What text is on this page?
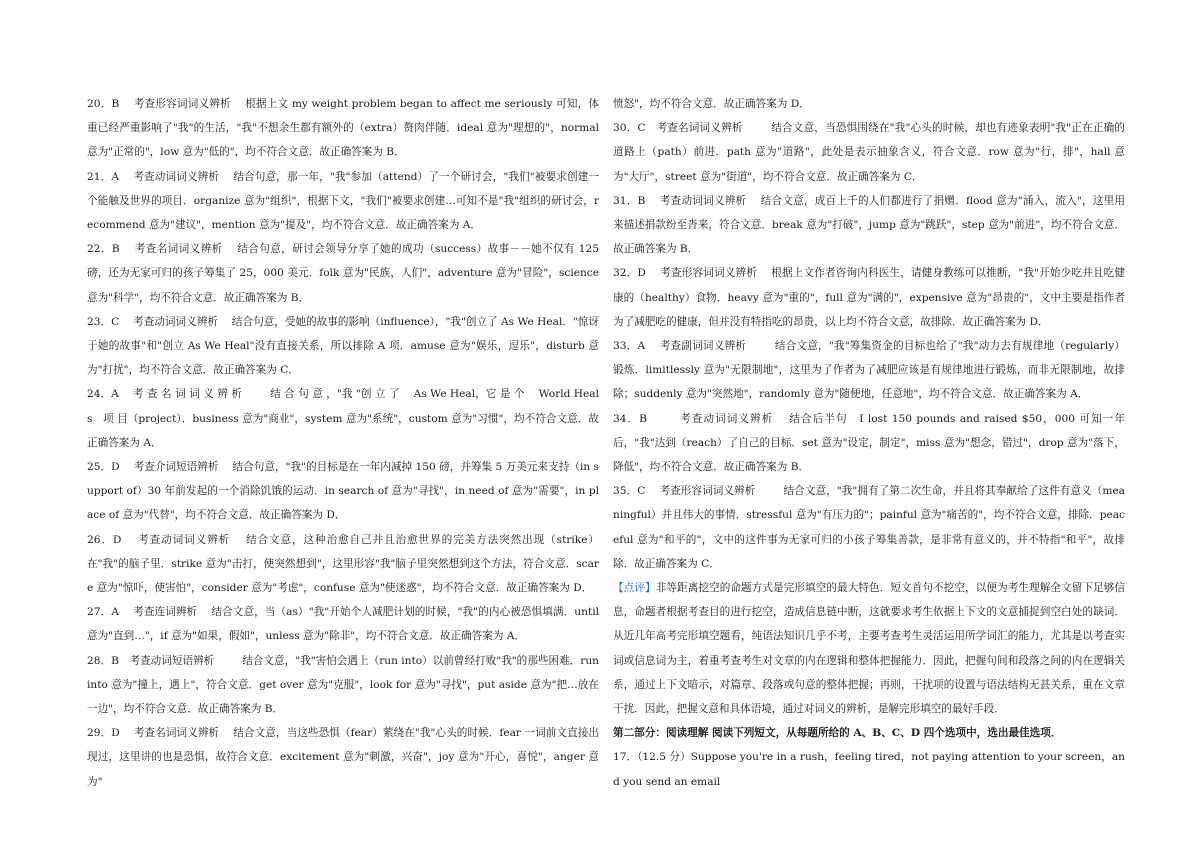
20．B　 考查形容词词义辨析　 根据上文 my weight problem began to affect me seriously 可知，体重已经严重影响了"我"的生活，"我"不想余生都有额外的（extra）赘肉伴随．ideal 意为"理想的"，normal 意为"正常的"，low 意为"低的"，均不符合文意．故正确答案为 B．

21．A　 考查动词词义辨析　 结合句意，那一年，"我"参加（attend）了一个研讨会，"我们"被要求创建一个能触及世界的项目．organize 意为"组织"，根据下文，"我们"被要求创建…可知不是"我"组织的研讨会，recommend 意为"建议"，mention 意为"提及"，均不符合文意．故正确答案为 A．

22．B　 考查名词词义辨析　 结合句意，研讨会领导分享了她的成功（success）故事－－她不仅有 125 磅，还为无家可归的孩子筹集了 25，000 美元．folk 意为"民族，人们"，adventure 意为"冒险"，science 意为"科学"，均不符合文意．故正确答案为 B．

23．C　 考查动词词义辨析　 结合句意，受她的故事的影响（influence），"我"创立了 As We Heal．"惊讶于她的故事"和"创立 As We Heal"没有直接关系，所以排除 A 项．amuse 意为"娱乐，逗乐"，disturb 意为"打扰"，均不符合文意．故正确答案为 C．

24．A　 考 查 名 词 词 义 辨 析　 　 结 合 句 意 ，"我 "创 立 了　 As We Heal，它 是 个　 World Heals　项 目（project）．business 意为"商业"，system 意为"系统"，custom 意为"习惯"，均不符合文意．故正确答案为 A．

25．D　 考查介词短语辨析　 结合句意，"我"的目标是在一年内减掉 150 磅，并筹集 5 万美元来支持（in support of）30 年前发起的一个消除饥饿的运动．in search of 意为"寻找"，in need of 意为"需要"，in place of 意为"代替"，均不符合文意．故正确答案为 D．

26．D　 考查动词词义辨析　 结合文意，这种治愈自己并且治愈世界的完美方法突然出现（strike）在"我"的脑子里．strike 意为"击打，使突然想到"，这里形容"我"脑子里突然想到这个方法，符合文意．scare 意为"惊吓，使害怕"，consider 意为"考虑"，confuse 意为"使迷惑"，均不符合文意．故正确答案为 D．

27．A　 考查连词辨析　 结合文意，当（as）"我"开始个人减肥计划的时候，"我"的内心被恐惧填满．until 意为"直到…"，if 意为"如果，假如"，unless 意为"除非"，均不符合文意．故正确答案为 A．

28．B　考查动词短语辨析　 　 结合文意，"我"害怕会遇上（run into）以前曾经打败"我"的那些困难．run into 意为"撞上，遇上"，符合文意．get over 意为"克服"，look for 意为"寻找"，put aside 意为"把…放在一边"，均不符合文意．故正确答案为 B．

29．D　 考查名词词义辨析　 结合文意，当这些恐惧（fear）萦绕在"我"心头的时候．fear 一词前文直接出现过，这里讲的也是恐惧，故符合文意．excitement 意为"刺激，兴奋"，joy 意为"开心，喜悦"，anger 意为"

愤怒"，均不符合文意．故正确答案为 D．

30．C　考查名词词义辨析　 　 结合文意，当恐惧围绕在"我"心头的时候，却也有迹象表明"我"正在正确的道路上（path）前进．path 意为"道路"，此处是表示抽象含义，符合文意．row 意为"行，排"，hall 意为"大厅"，street 意为"街道"，均不符合文意．故正确答案为 C．

31．B　 考查动词词义辨析　 结合文意，成百上千的人们都进行了捐赠．flood 意为"涌入，流入"，这里用来描述捐款纷至沓来，符合文意．break 意为"打破"，jump 意为"跳跃"，step 意为"前进"，均不符合文意．故正确答案为 B．

32．D　 考查形容词词义辨析　 根据上文作者咨询内科医生，请健身教练可以推断，"我"开始少吃并且吃健康的（healthy）食物．heavy 意为"重的"，full 意为"满的"，expensive 意为"昂贵的"，文中主要是指作者为了减肥吃的健康，但并没有特指吃的昂贵，以上均不符合文意，故排除．故正确答案为 D．

33．A　 考查副词词义辨析　 　 结合文意，"我"筹集资金的目标也给了"我"动力去有规律地（regularly）锻炼．limitlessly 意为"无限制地"，这里为了作者为了减肥应该是有规律地进行锻炼，而非无限制地，故排除；suddenly 意为"突然地"，randomly 意为"随便地，任意地"，均不符合文意．故正确答案为 A．

34．B　 　 考查动词词义辨析　 结合后半句　I lost 150 pounds and raised $50，000 可知一年后，"我"达到（reach）了自己的目标．set 意为"设定，制定"，miss 意为"想念，错过"，drop 意为"落下，降低"，均不符合文意．故正确答案为 B．

35．C　 考查形容词词义辨析　 　 结合文意，"我"拥有了第二次生命，并且将其奉献给了这件有意义（meaningful）并且伟大的事情．stressful 意为"有压力的"；painful 意为"痛苦的"，均不符合文意，排除．peaceful 意为"和平的"，文中的这件事为无家可归的小孩子筹集善款，是非常有意义的，并不特指"和平"，故排除．故正确答案为 C．

【点评】非等距离挖空的命题方式是完形填空的最大特色．短文首句不挖空，以便为考生理解全文留下足够信息，命题者根据考查目的进行挖空，造成信息链中断，这就要求考生依据上下文的文意捕捉到空白处的缺词．从近几年高考完形填空题看，纯语法知识几乎不考，主要考查考生灵活运用所学词汇的能力，尤其是以考查实词或信息词为主，着重考查考生对文章的内在逻辑和整体把握能力．因此，把握句间和段落之间的内在逻辑关系，通过上下文暗示，对篇章、段落或句意的整体把握；再则，干扰项的设置与语法结构无甚关系，重在文章干扰．因此，把握文意和具体语境，通过对词义的辨析，是解完形填空的最好手段．

第二部分：阅读理解 阅读下列短文，从每题所给的 A、B、C、D 四个选项中，选出最佳选项．

17．（12.5 分）Suppose you're in a rush，feeling tired，not paying attention to your screen，and you send an email
